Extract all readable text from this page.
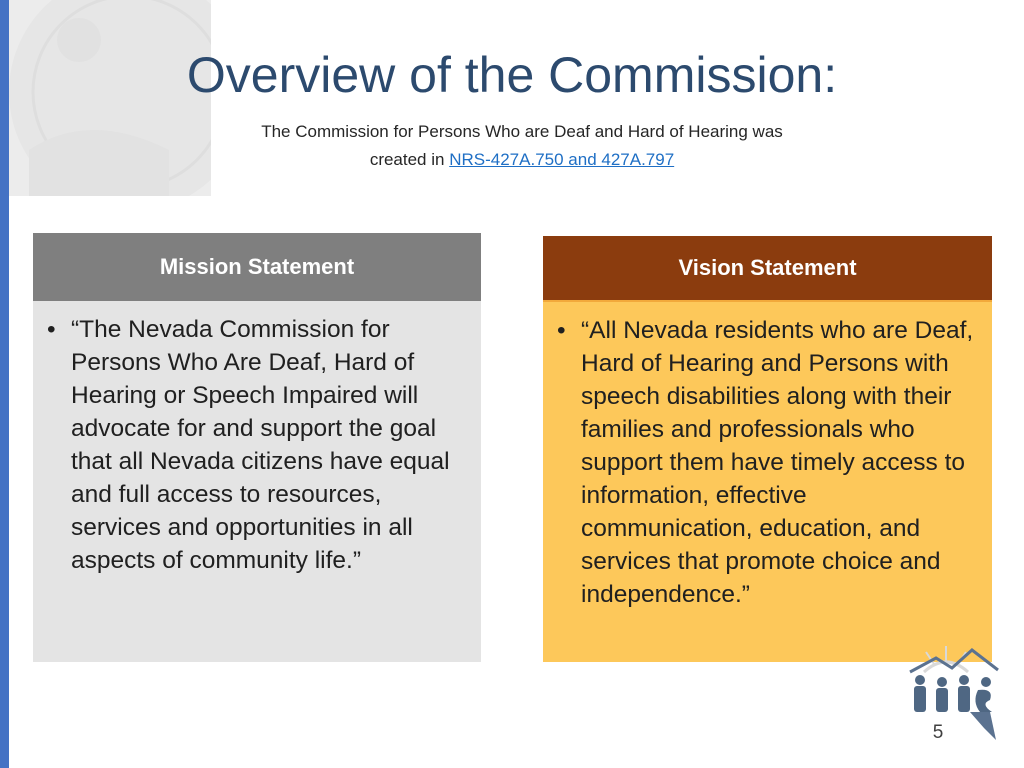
Overview of the Commission:
The Commission for Persons Who are Deaf and Hard of Hearing was
created in NRS-427A.750 and 427A.797
Mission Statement
• “The Nevada Commission for Persons Who Are Deaf, Hard of Hearing or Speech Impaired will advocate for and support the goal that all Nevada citizens have equal and full access to resources, services and opportunities in all aspects of community life.”
Vision Statement
• “All Nevada residents who are Deaf, Hard of Hearing and Persons with speech disabilities along with their families and professionals who support them have timely access to information, effective communication, education, and services that promote choice and independence.”
5
